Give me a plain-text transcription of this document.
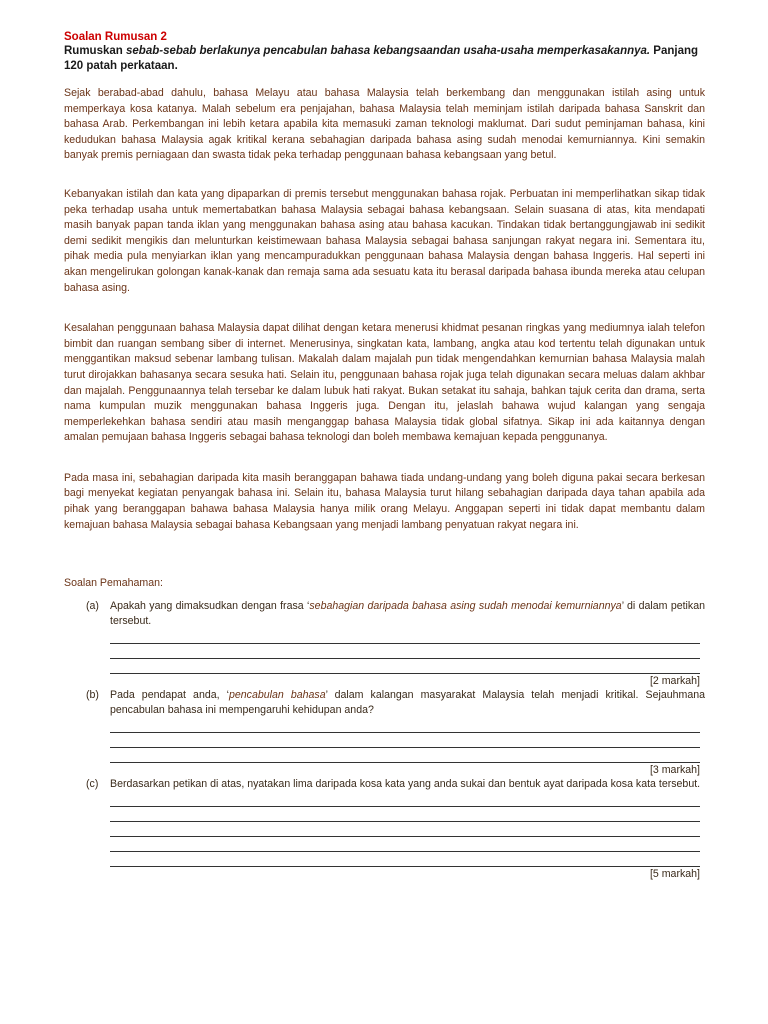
Soalan Rumusan 2
Rumuskan sebab-sebab berlakunya pencabulan bahasa kebangsaandan usaha-usaha memperkasakannya. Panjang 120 patah perkataan.

Sejak berabad-abad dahulu, bahasa Melayu atau bahasa Malaysia telah berkembang dan menggunakan istilah asing untuk memperkaya kosa katanya. Malah sebelum era penjajahan, bahasa Malaysia telah meminjam istilah daripada bahasa Sanskrit dan bahasa Arab. Perkembangan ini lebih ketara apabila kita memasuki zaman teknologi maklumat. Dari sudut peminjaman bahasa, kini kedudukan bahasa Malaysia agak kritikal kerana sebahagian daripada bahasa asing sudah menodai kemurniannya. Kini semakin banyak premis perniagaan dan swasta tidak peka terhadap penggunaan bahasa kebangsaan yang betul.

Kebanyakan istilah dan kata yang dipaparkan di premis tersebut menggunakan bahasa rojak. Perbuatan ini memperlihatkan sikap tidak peka terhadap usaha untuk memertabatkan bahasa Malaysia sebagai bahasa kebangsaan. Selain suasana di atas, kita mendapati masih banyak papan tanda iklan yang menggunakan bahasa asing atau bahasa kacukan. Tindakan tidak bertanggungjawab ini sedikit demi sedikit mengikis dan melunturkan keistimewaan bahasa Malaysia sebagai bahasa sanjungan rakyat negara ini. Sementara itu, pihak media pula menyiarkan iklan yang mencampuradukkan penggunaan bahasa Malaysia dengan bahasa Inggeris. Hal seperti ini akan mengelirukan golongan kanak-kanak dan remaja sama ada sesuatu kata itu berasal daripada bahasa ibunda mereka atau celupan bahasa asing.

Kesalahan penggunaan bahasa Malaysia dapat dilihat dengan ketara menerusi khidmat pesanan ringkas yang mediumnya ialah telefon bimbit dan ruangan sembang siber di internet. Menerusinya, singkatan kata, lambang, angka atau kod tertentu telah digunakan untuk menggantikan maksud sebenar lambang tulisan. Makalah dalam majalah pun tidak mengendahkan kemurnian bahasa Malaysia malah turut dirojakkan bahasanya secara sesuka hati. Selain itu, penggunaan bahasa rojak juga telah digunakan secara meluas dalam akhbar dan majalah. Penggunaannya telah tersebar ke dalam lubuk hati rakyat. Bukan setakat itu sahaja, bahkan tajuk cerita dan drama, serta nama kumpulan muzik menggunakan bahasa Inggeris juga. Dengan itu, jelaslah bahawa wujud kalangan yang sengaja memperlekehkan bahasa sendiri atau masih menganggap bahasa Malaysia tidak global sifatnya. Sikap ini ada kaitannya dengan amalan pemujaan bahasa Inggeris sebagai bahasa teknologi dan boleh membawa kemajuan kepada penggunanya.

Pada masa ini, sebahagian daripada kita masih beranggapan bahawa tiada undang-undang yang boleh diguna pakai secara berkesan bagi menyekat kegiatan penyangak bahasa ini. Selain itu, bahasa Malaysia turut hilang sebahagian daripada daya tahan apabila ada pihak yang beranggapan bahawa bahasa Malaysia hanya milik orang Melayu. Anggapan seperti ini tidak dapat membantu dalam kemajuan bahasa Malaysia sebagai bahasa Kebangsaan yang menjadi lambang penyatuan rakyat negara ini.

Soalan Pemahaman:
(a) Apakah yang dimaksudkan dengan frasa ‘sebahagian daripada bahasa asing sudah menodai kemurniannya’ di dalam petikan tersebut.
[2 markah]
(b) Pada pendapat anda, ‘pencabulan bahasa’ dalam kalangan masyarakat Malaysia telah menjadi kritikal. Sejauhmana pencabulan bahasa ini mempengaruhi kehidupan anda?
[3 markah]
(c) Berdasarkan petikan di atas, nyatakan lima daripada kosa kata yang anda sukai dan bentuk ayat daripada kosa kata tersebut.
[5 markah]
